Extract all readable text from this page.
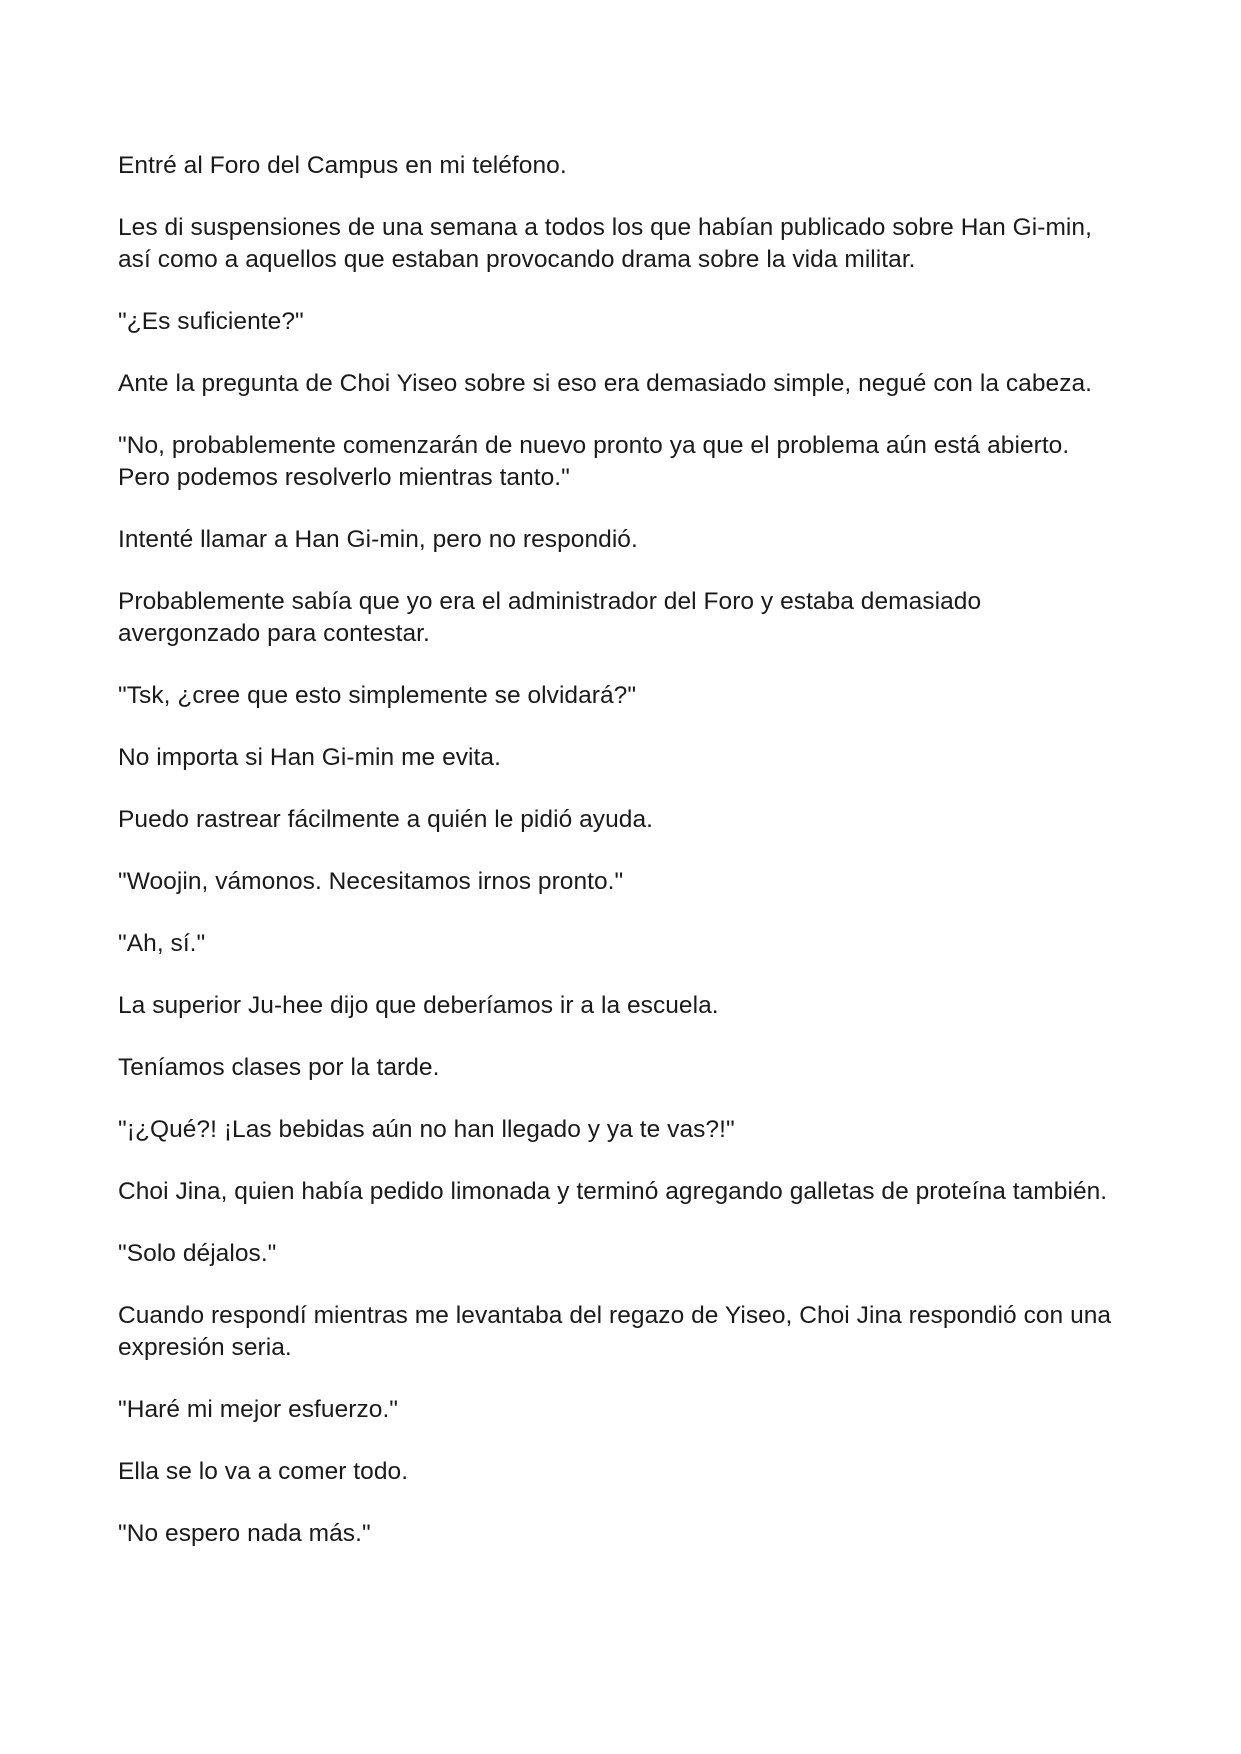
Entré al Foro del Campus en mi teléfono.

Les di suspensiones de una semana a todos los que habían publicado sobre Han Gi-min, así como a aquellos que estaban provocando drama sobre la vida militar.

"¿Es suficiente?"

Ante la pregunta de Choi Yiseo sobre si eso era demasiado simple, negué con la cabeza.

"No, probablemente comenzarán de nuevo pronto ya que el problema aún está abierto. Pero podemos resolverlo mientras tanto."

Intenté llamar a Han Gi-min, pero no respondió.

Probablemente sabía que yo era el administrador del Foro y estaba demasiado avergonzado para contestar.

"Tsk, ¿cree que esto simplemente se olvidará?"

No importa si Han Gi-min me evita.

Puedo rastrear fácilmente a quién le pidió ayuda.

"Woojin, vámonos. Necesitamos irnos pronto."

"Ah, sí."

La superior Ju-hee dijo que deberíamos ir a la escuela.

Teníamos clases por la tarde.

"¡¿Qué?! ¡Las bebidas aún no han llegado y ya te vas?!"

Choi Jina, quien había pedido limonada y terminó agregando galletas de proteína también.

"Solo déjalos."

Cuando respondí mientras me levantaba del regazo de Yiseo, Choi Jina respondió con una expresión seria.

"Haré mi mejor esfuerzo."

Ella se lo va a comer todo.

"No espero nada más."
